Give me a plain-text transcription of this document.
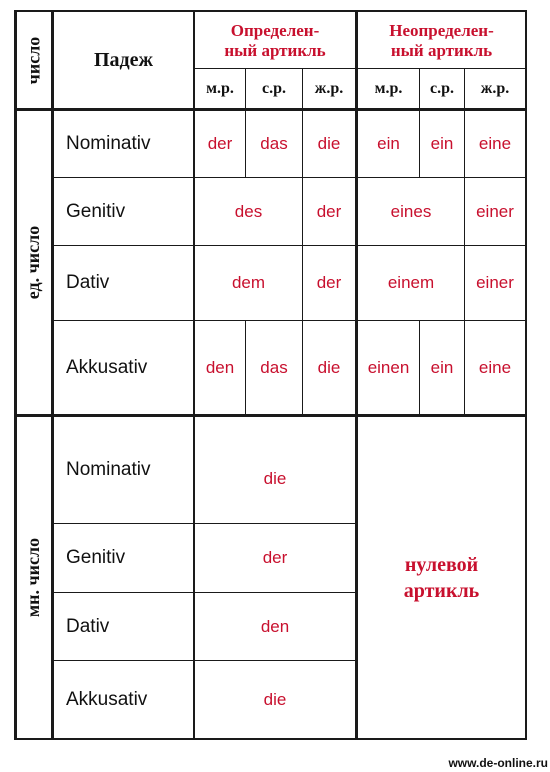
число	Падеж
Определен-
ный артикль
Неопределен-
ный артикль
м.р.	с.р.	ж.р.	м.р.	с.р.	ж.р.
ед. число
Nominativ	der	das	die	ein	ein	eine
Genitiv	des	der	eines	einer
Dativ	dem	der	einem	einer
Akkusativ	den	das	die	einen	ein	eine
мн. число
Nominativ	die
Genitiv	der
Dativ	den
Akkusativ	die
нулевой
артикль
www.de-online.ru
